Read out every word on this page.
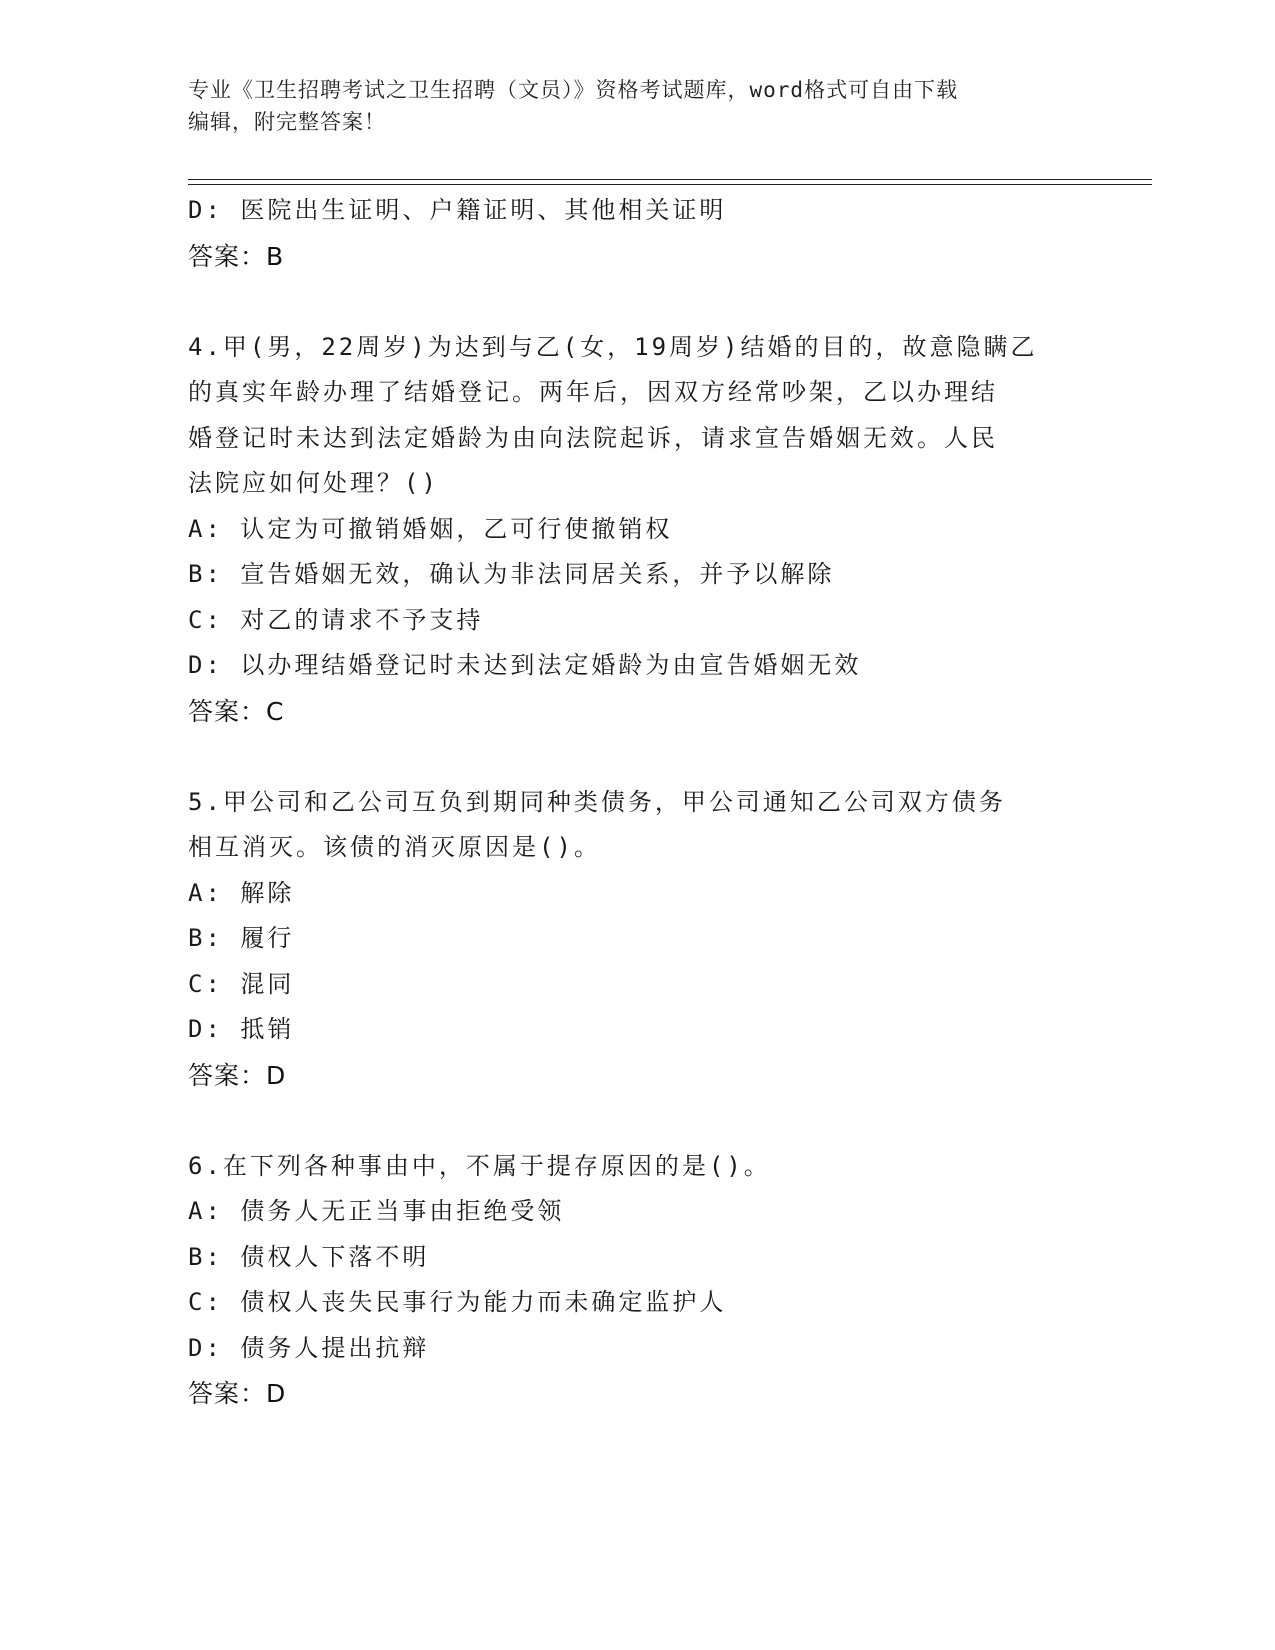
专业《卫生招聘考试之卫生招聘（文员）》资格考试题库，word格式可自由下载
编辑，附完整答案！
D: 医院出生证明、户籍证明、其他相关证明
答案：B
4.甲(男，22周岁)为达到与乙(女，19周岁)结婚的目的，故意隐瞒乙
的真实年龄办理了结婚登记。两年后，因双方经常吵架，乙以办理结
婚登记时未达到法定婚龄为由向法院起诉，请求宣告婚姻无效。人民
法院应如何处理？()
A: 认定为可撤销婚姻，乙可行使撤销权
B: 宣告婚姻无效，确认为非法同居关系，并予以解除
C: 对乙的请求不予支持
D: 以办理结婚登记时未达到法定婚龄为由宣告婚姻无效
答案：C
5.甲公司和乙公司互负到期同种类债务，甲公司通知乙公司双方债务
相互消灭。该债的消灭原因是()。
A: 解除
B: 履行
C: 混同
D: 抵销
答案：D
6.在下列各种事由中，不属于提存原因的是()。
A: 债务人无正当事由拒绝受领
B: 债权人下落不明
C: 债权人丧失民事行为能力而未确定监护人
D: 债务人提出抗辩
答案：D
